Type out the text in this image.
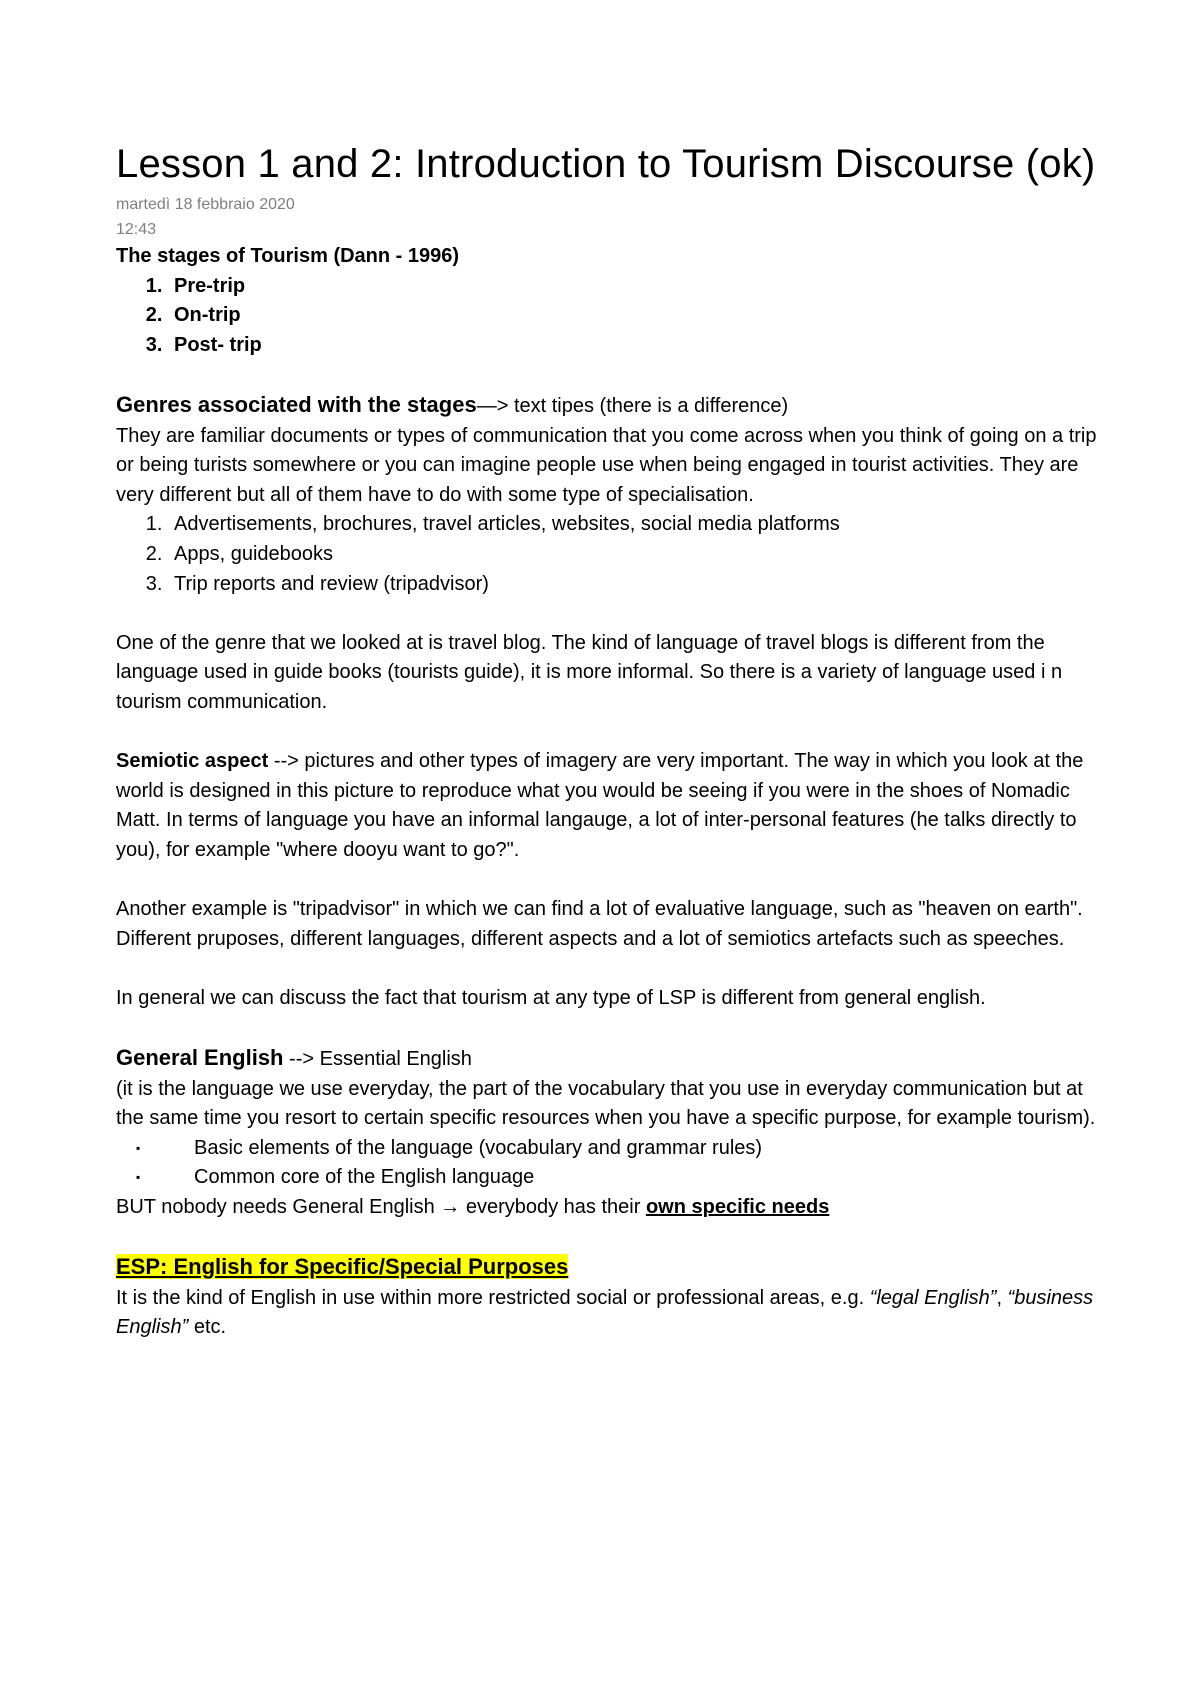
Lesson 1 and 2: Introduction to Tourism Discourse (ok)
martedì 18 febbraio 2020
12:43

The stages of Tourism (Dann - 1996)

1. Pre-trip
2. On-trip
3. Post- trip

Genres associated with the stages—> text tipes (there is a difference)

They are familiar documents or types of communication that you come across when you think of going on a trip or being turists somewhere or you can imagine people use when being engaged in tourist activities. They are very different but all of them have to do with some type of specialisation.

1. Advertisements, brochures, travel articles, websites, social media platforms
2. Apps, guidebooks
3. Trip reports and review (tripadvisor)

One of the genre that we looked at is travel blog. The kind of language of travel blogs is different from the language used in guide books (tourists guide), it is more informal. So there is a variety of language used i n tourism communication.

Semiotic aspect --> pictures and other types of imagery are very important. The way in which you look at the world is designed in this picture to reproduce what you would be seeing if you were in the shoes of Nomadic Matt. In terms of language you have an informal langauge, a lot of inter-personal features (he talks directly to you), for example "where dooyu want to go?".

Another example is "tripadvisor" in which we can find a lot of evaluative language, such as "heaven on earth".

Different pruposes, different languages, different aspects and a lot of semiotics artefacts such as speeches.

In general we can discuss the fact that tourism at any type of LSP is different from general english.

General English --> Essential English

(it is the language we use everyday, the part of the vocabulary that you use in everyday communication but at the same time you resort to certain specific resources when you have a specific purpose, for example tourism).

▪	Basic elements of the language (vocabulary and grammar rules)
▪	Common core of the English language

BUT nobody needs General English → everybody has their own specific needs

ESP: English for Specific/Special Purposes

It is the kind of English in use within more restricted social or professional areas, e.g. “legal English”, “business English” etc.
